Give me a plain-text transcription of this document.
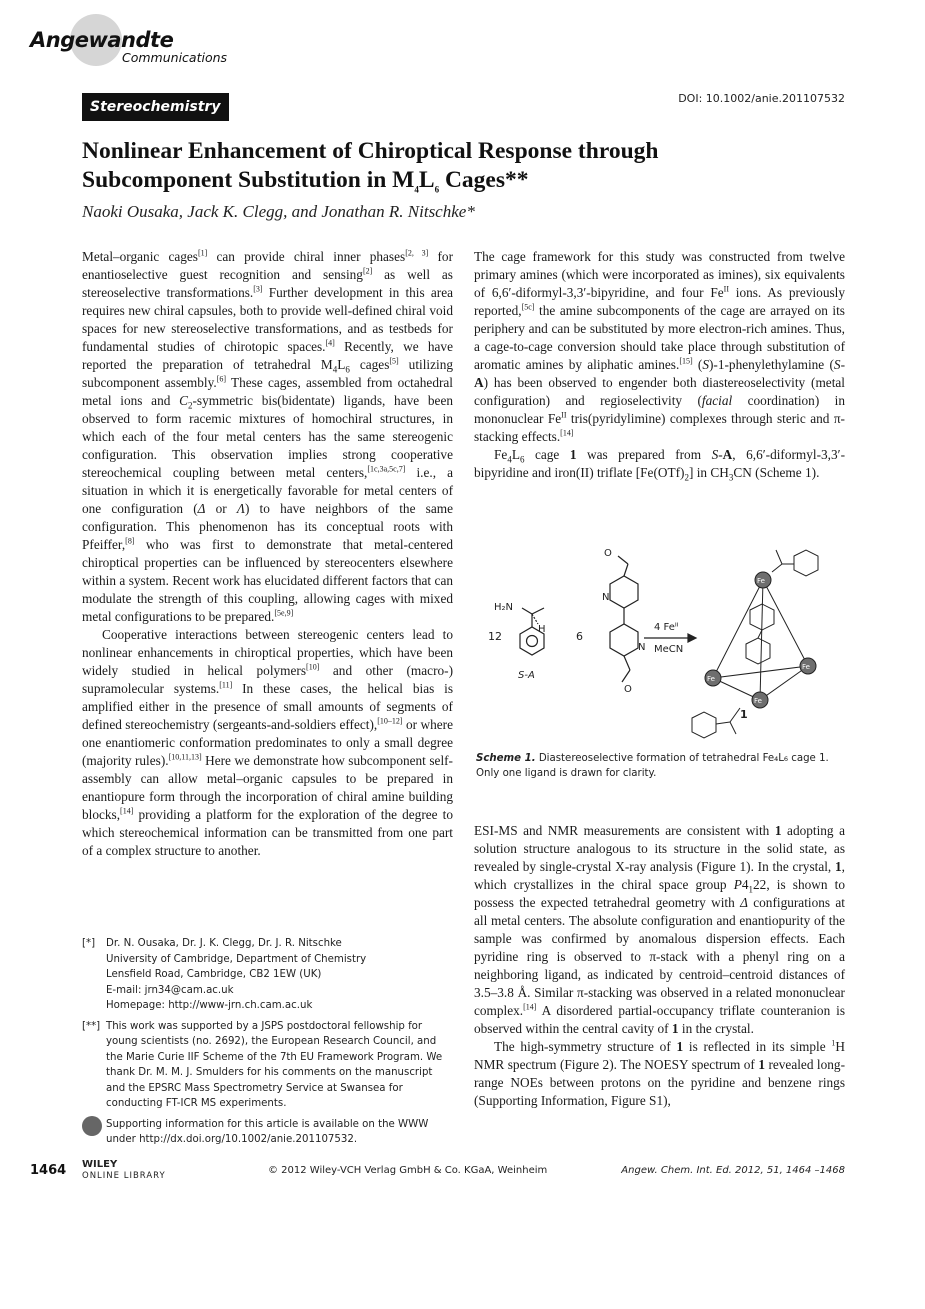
Angewandte
Communications
Stereochemistry
DOI: 10.1002/anie.201107532
Nonlinear Enhancement of Chiroptical Response through
Subcomponent Substitution in $M_4L_6$ Cages**
Naoki Ousaka, Jack K. Clegg, and Jonathan R. Nitschke*

Metal–organic cages[1] can provide chiral inner phases[2, 3] for enantioselective guest recognition and sensing[2] as well as stereoselective transformations.[3] Further development in this area requires new chiral capsules, both to provide well-defined chiral void spaces for new stereoselective transformations, and as testbeds for fundamental studies of chirotopic spaces.[4] Recently, we have reported the preparation of tetrahedral $M_4L_6$ cages[5] utilizing subcomponent assembly.[6] These cages, assembled from octahedral metal ions and $C_2$-symmetric bis(bidentate) ligands, have been observed to form racemic mixtures of homochiral structures, in which each of the four metal centers has the same stereogenic configuration. This observation implies strong cooperative stereochemical coupling between metal centers,[1c,3a,5c,7] i.e., a situation in which it is energetically favorable for metal centers of one configuration (Δ or Λ) to have neighbors of the same configuration. This phenomenon has its conceptual roots with Pfeiffer,[8] who was first to demonstrate that metal-centered chiroptical properties can be influenced by stereocenters elsewhere within a system. Recent work has elucidated different factors that can modulate the strength of this coupling, allowing cages with mixed metal configurations to be prepared.[5e,9]

Cooperative interactions between stereogenic centers lead to nonlinear enhancements in chiroptical properties, which have been widely studied in helical polymers[10] and other (macro-) supramolecular systems.[11] In these cases, the helical bias is amplified either in the presence of small amounts of segments of defined stereochemistry (sergeants-and-soldiers effect),[10–12] or where one enantiomeric conformation predominates to only a small degree (majority rules).[10,11,13] Here we demonstrate how subcomponent self-assembly can allow metal–organic capsules to be prepared in enantiopure form through the incorporation of chiral amine building blocks,[14] providing a platform for the exploration of the degree to which stereochemical information can be transmitted from one part of a complex structure to another.

[*]	Dr. N. Ousaka, Dr. J. K. Clegg, Dr. J. R. Nitschke
University of Cambridge, Department of Chemistry
Lensfield Road, Cambridge, CB2 1EW (UK)
E-mail: jrn34@cam.ac.uk
Homepage: http://www-jrn.ch.cam.ac.uk
[**] This work was supported by a JSPS postdoctoral fellowship for
young scientists (no. 2692), the European Research Council, and
the Marie Curie IIF Scheme of the 7th EU Framework Program. We
thank Dr. M. M. J. Smulders for his comments on the manuscript
and the EPSRC Mass Spectrometry Service at Swansea for
conducting FT-ICR MS experiments.
Supporting information for this article is available on the WWW
under http://dx.doi.org/10.1002/anie.201107532.

The cage framework for this study was constructed from twelve primary amines (which were incorporated as imines), six equivalents of 6,6′-diformyl-3,3′-bipyridine, and four $Fe^{II}$ ions. As previously reported,[5c] the amine subcomponents of the cage are arrayed on its periphery and can be substituted by more electron-rich amines. Thus, a cage-to-cage conversion should take place through substitution of aromatic amines by aliphatic amines.[15] (S)-1-phenylethylamine (S-A) has been observed to engender both diastereoselectivity (metal configuration) and regioselectivity (facial coordination) in mononuclear $Fe^{II}$ tris(pyridylimine) complexes through steric and π-stacking effects.[14]

$Fe_4L_6$ cage 1 was prepared from S-A, 6,6′-diformyl-3,3′-bipyridine and iron(II) triflate $[Fe(OTf)_2]$ in $CH_3CN$ (Scheme 1).

H₂N
H
12
S-A
O
N
N
O
6
4 Feᴵᴵ
MeCN
Fe
Fe
Fe
Fe
1
Scheme 1. Diastereoselective formation of tetrahedral Fe₄L₆ cage 1. Only one ligand is drawn for clarity.

ESI-MS and NMR measurements are consistent with 1 adopting a solution structure analogous to its structure in the solid state, as revealed by single-crystal X-ray analysis (Figure 1). In the crystal, 1, which crystallizes in the chiral space group $P4_122$, is shown to possess the expected tetrahedral geometry with Δ configurations at all metal centers. The absolute configuration and enantiopurity of the sample was confirmed by anomalous dispersion effects. Each pyridine ring is observed to π-stack with a phenyl ring on a neighboring ligand, as indicated by centroid–centroid distances of 3.5–3.8 Å. Similar π-stacking was observed in a related mononuclear complex.[14] A disordered partial-occupancy triflate counteranion is observed within the central cavity of 1 in the crystal.

The high-symmetry structure of 1 is reflected in its simple $^1$H NMR spectrum (Figure 2). The NOESY spectrum of 1 revealed long-range NOEs between protons on the pyridine and benzene rings (Supporting Information, Figure S1),

1464 WILEY
ONLINE LIBRARY	© 2012 Wiley-VCH Verlag GmbH & Co. KGaA, Weinheim	Angew. Chem. Int. Ed. 2012, 51, 1464 –1468
